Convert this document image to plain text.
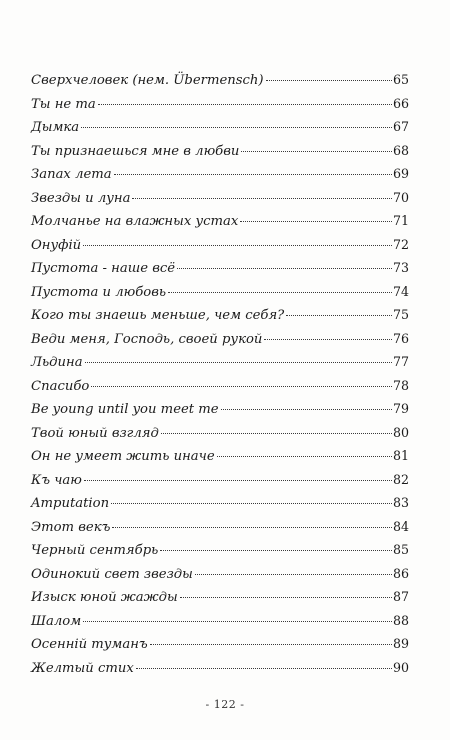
Сверхчеловек (нем. Übermensch)	65
Ты не та	66
Дымка	67
Ты признаешься мне в любви	68
Запах лета	69
Звезды и луна	70
Молчанье на влажных устах	71
Онуфій	72
Пустота - наше всё	73
Пустота и любовь	74
Кого ты знаешь меньше, чем себя?	75
Веди меня, Господь, своей рукой	76
Льдина	77
Спасибо	78
Be young until you meet me	79
Твой юный взгляд	80
Он не умеет жить иначе	81
Къ чаю	82
Amputation	83
Этот векъ	84
Черный сентябрь	85
Одинокий свет звезды	86
Изыск юной жажды	87
Шалом	88
Осенній туманъ	89
Желтый стих	90
- 122 -
